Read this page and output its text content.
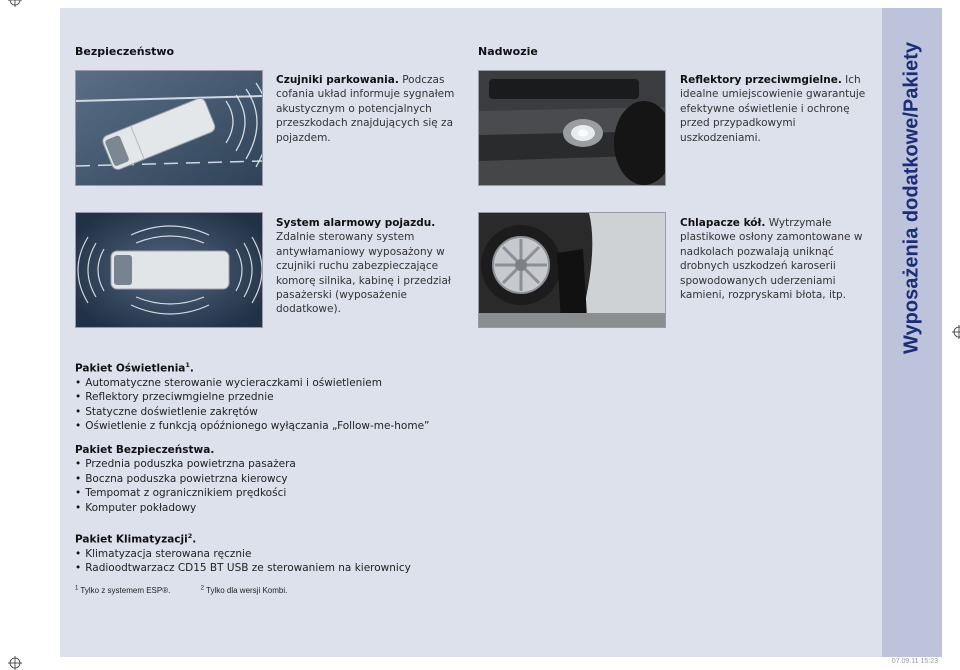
Wyposażenia dodatkowe/Pakiety
Bezpieczeństwo	Nadwozie
Czujniki parkowania. Podczas cofania układ informuje sygnałem akustycznym o potencjalnych przeszkodach znajdujących się za pojazdem.
System alarmowy pojazdu. Zdalnie sterowany system antywłamaniowy wyposażony w czujniki ruchu zabezpieczające komorę silnika, kabinę i przedział pasażerski (wyposażenie dodatkowe).
Reflektory przeciwmgielne. Ich idealne umiejscowienie gwarantuje efektywne oświetlenie i ochronę przed przypadkowymi uszkodzeniami.
Chlapacze kół. Wytrzymałe plastikowe osłony zamontowane w nadkolach pozwalają uniknąć drobnych uszkodzeń karoserii spowodowanych uderzeniami kamieni, rozpryskami błota, itp.
Pakiet Oświetlenia$^1$.
• Automatyczne sterowanie wycieraczkami i oświetleniem
• Reflektory przeciwmgielne przednie
• Statyczne doświetlenie zakrętów
• Oświetlenie z funkcją opóźnionego wyłączania „Follow-me-home”
Pakiet Bezpieczeństwa.
• Przednia poduszka powietrzna pasażera
• Boczna poduszka powietrzna kierowcy
• Tempomat z ogranicznikiem prędkości
• Komputer pokładowy
Pakiet Klimatyzacji$^2$.
• Klimatyzacja sterowana ręcznie
• Radioodtwarzacz CD15 BT USB ze sterowaniem na kierownicy
$^1$ Tylko z systemem ESP®.	$^2$ Tylko dla wersji Kombi.
07.09.11 15:23
